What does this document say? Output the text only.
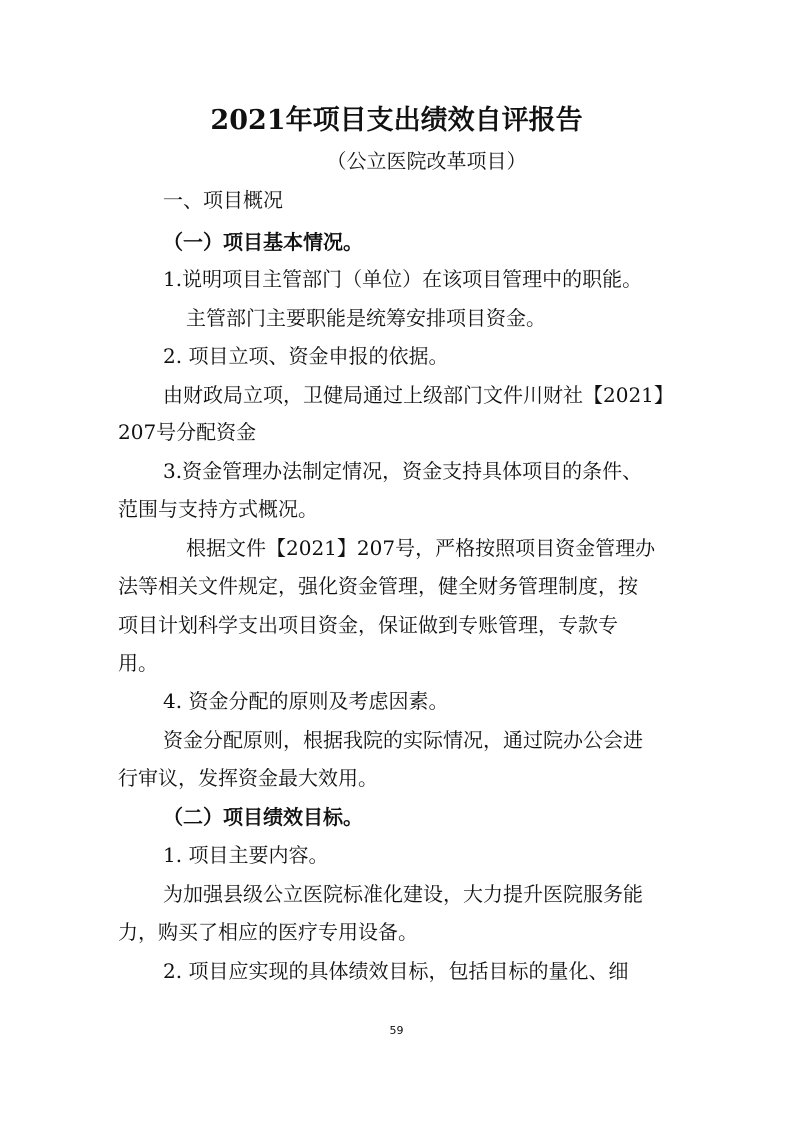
2021年项目支出绩效自评报告
（公立医院改革项目）
一、项目概况
（一）项目基本情况。
1.说明项目主管部门（单位）在该项目管理中的职能。
主管部门主要职能是统筹安排项目资金。
2. 项目立项、资金申报的依据。
由财政局立项，卫健局通过上级部门文件川财社【2021】
207号分配资金
3.资金管理办法制定情况，资金支持具体项目的条件、
范围与支持方式概况。
根据文件【2021】207号，严格按照项目资金管理办
法等相关文件规定，强化资金管理，健全财务管理制度，按
项目计划科学支出项目资金，保证做到专账管理，专款专
用。
4. 资金分配的原则及考虑因素。
资金分配原则，根据我院的实际情况，通过院办公会进
行审议，发挥资金最大效用。
（二）项目绩效目标。
1. 项目主要内容。
为加强县级公立医院标准化建设，大力提升医院服务能
力，购买了相应的医疗专用设备。
2. 项目应实现的具体绩效目标，包括目标的量化、细
59
